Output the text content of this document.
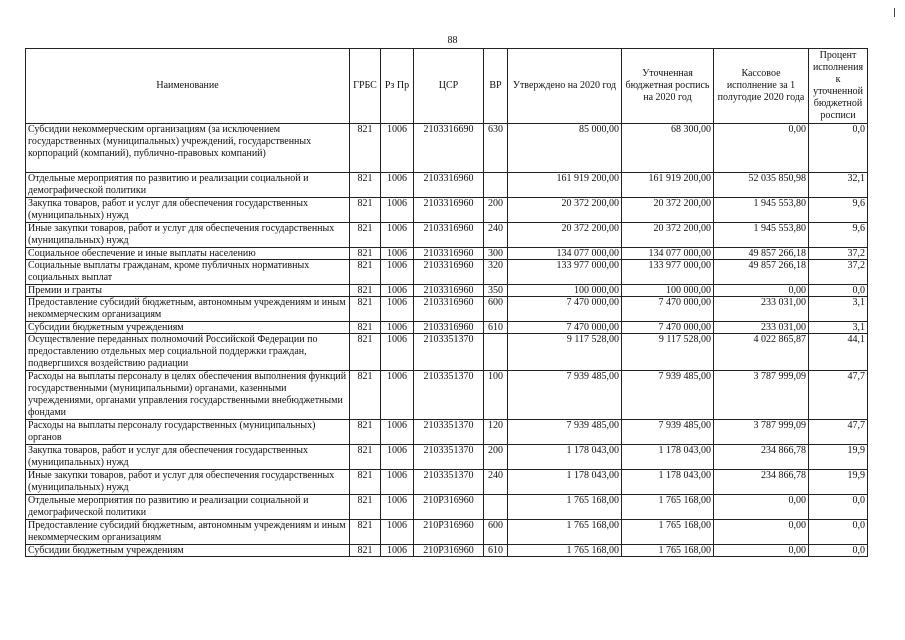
88
Наименование	ГРБС	Рз Пр	ЦСР	ВР	Утверждено на 2020 год	Уточненная бюджетная роспись на 2020 год	Кассовое исполнение за 1 полугодие 2020 года	Процент исполнения к уточненной бюджетной росписи
Субсидии некоммерческим организациям (за исключением государственных (муниципальных) учреждений, государственных корпораций (компаний), публично-правовых компаний)	821	1006	2103316690	630	85 000,00	68 300,00	0,00	0,0
Отдельные мероприятия по развитию и реализации социальной и демографической политики	821	1006	2103316960		161 919 200,00	161 919 200,00	52 035 850,98	32,1
Закупка товаров, работ и услуг для обеспечения государственных (муниципальных) нужд	821	1006	2103316960	200	20 372 200,00	20 372 200,00	1 945 553,80	9,6
Иные закупки товаров, работ и услуг для обеспечения государственных (муниципальных) нужд	821	1006	2103316960	240	20 372 200,00	20 372 200,00	1 945 553,80	9,6
Социальное обеспечение и иные выплаты населению	821	1006	2103316960	300	134 077 000,00	134 077 000,00	49 857 266,18	37,2
Социальные выплаты гражданам, кроме публичных нормативных социальных выплат	821	1006	2103316960	320	133 977 000,00	133 977 000,00	49 857 266,18	37,2
Премии и гранты	821	1006	2103316960	350	100 000,00	100 000,00	0,00	0,0
Предоставление субсидий бюджетным, автономным учреждениям и иным некоммерческим организациям	821	1006	2103316960	600	7 470 000,00	7 470 000,00	233 031,00	3,1
Субсидии бюджетным учреждениям	821	1006	2103316960	610	7 470 000,00	7 470 000,00	233 031,00	3,1
Осуществление переданных полномочий Российской Федерации по предоставлению отдельных мер социальной поддержки граждан, подвергшихся воздействию радиации	821	1006	2103351370		9 117 528,00	9 117 528,00	4 022 865,87	44,1
Расходы на выплаты персоналу в целях обеспечения выполнения функций государственными (муниципальными) органами, казенными учреждениями, органами управления государственными внебюджетными фондами	821	1006	2103351370	100	7 939 485,00	7 939 485,00	3 787 999,09	47,7
Расходы на выплаты персоналу государственных (муниципальных) органов	821	1006	2103351370	120	7 939 485,00	7 939 485,00	3 787 999,09	47,7
Закупка товаров, работ и услуг для обеспечения государственных (муниципальных) нужд	821	1006	2103351370	200	1 178 043,00	1 178 043,00	234 866,78	19,9
Иные закупки товаров, работ и услуг для обеспечения государственных (муниципальных) нужд	821	1006	2103351370	240	1 178 043,00	1 178 043,00	234 866,78	19,9
Отдельные мероприятия по развитию и реализации социальной и демографической политики	821	1006	210P316960		1 765 168,00	1 765 168,00	0,00	0,0
Предоставление субсидий бюджетным, автономным учреждениям и иным некоммерческим организациям	821	1006	210P316960	600	1 765 168,00	1 765 168,00	0,00	0,0
Субсидии бюджетным учреждениям	821	1006	210P316960	610	1 765 168,00	1 765 168,00	0,00	0,0
